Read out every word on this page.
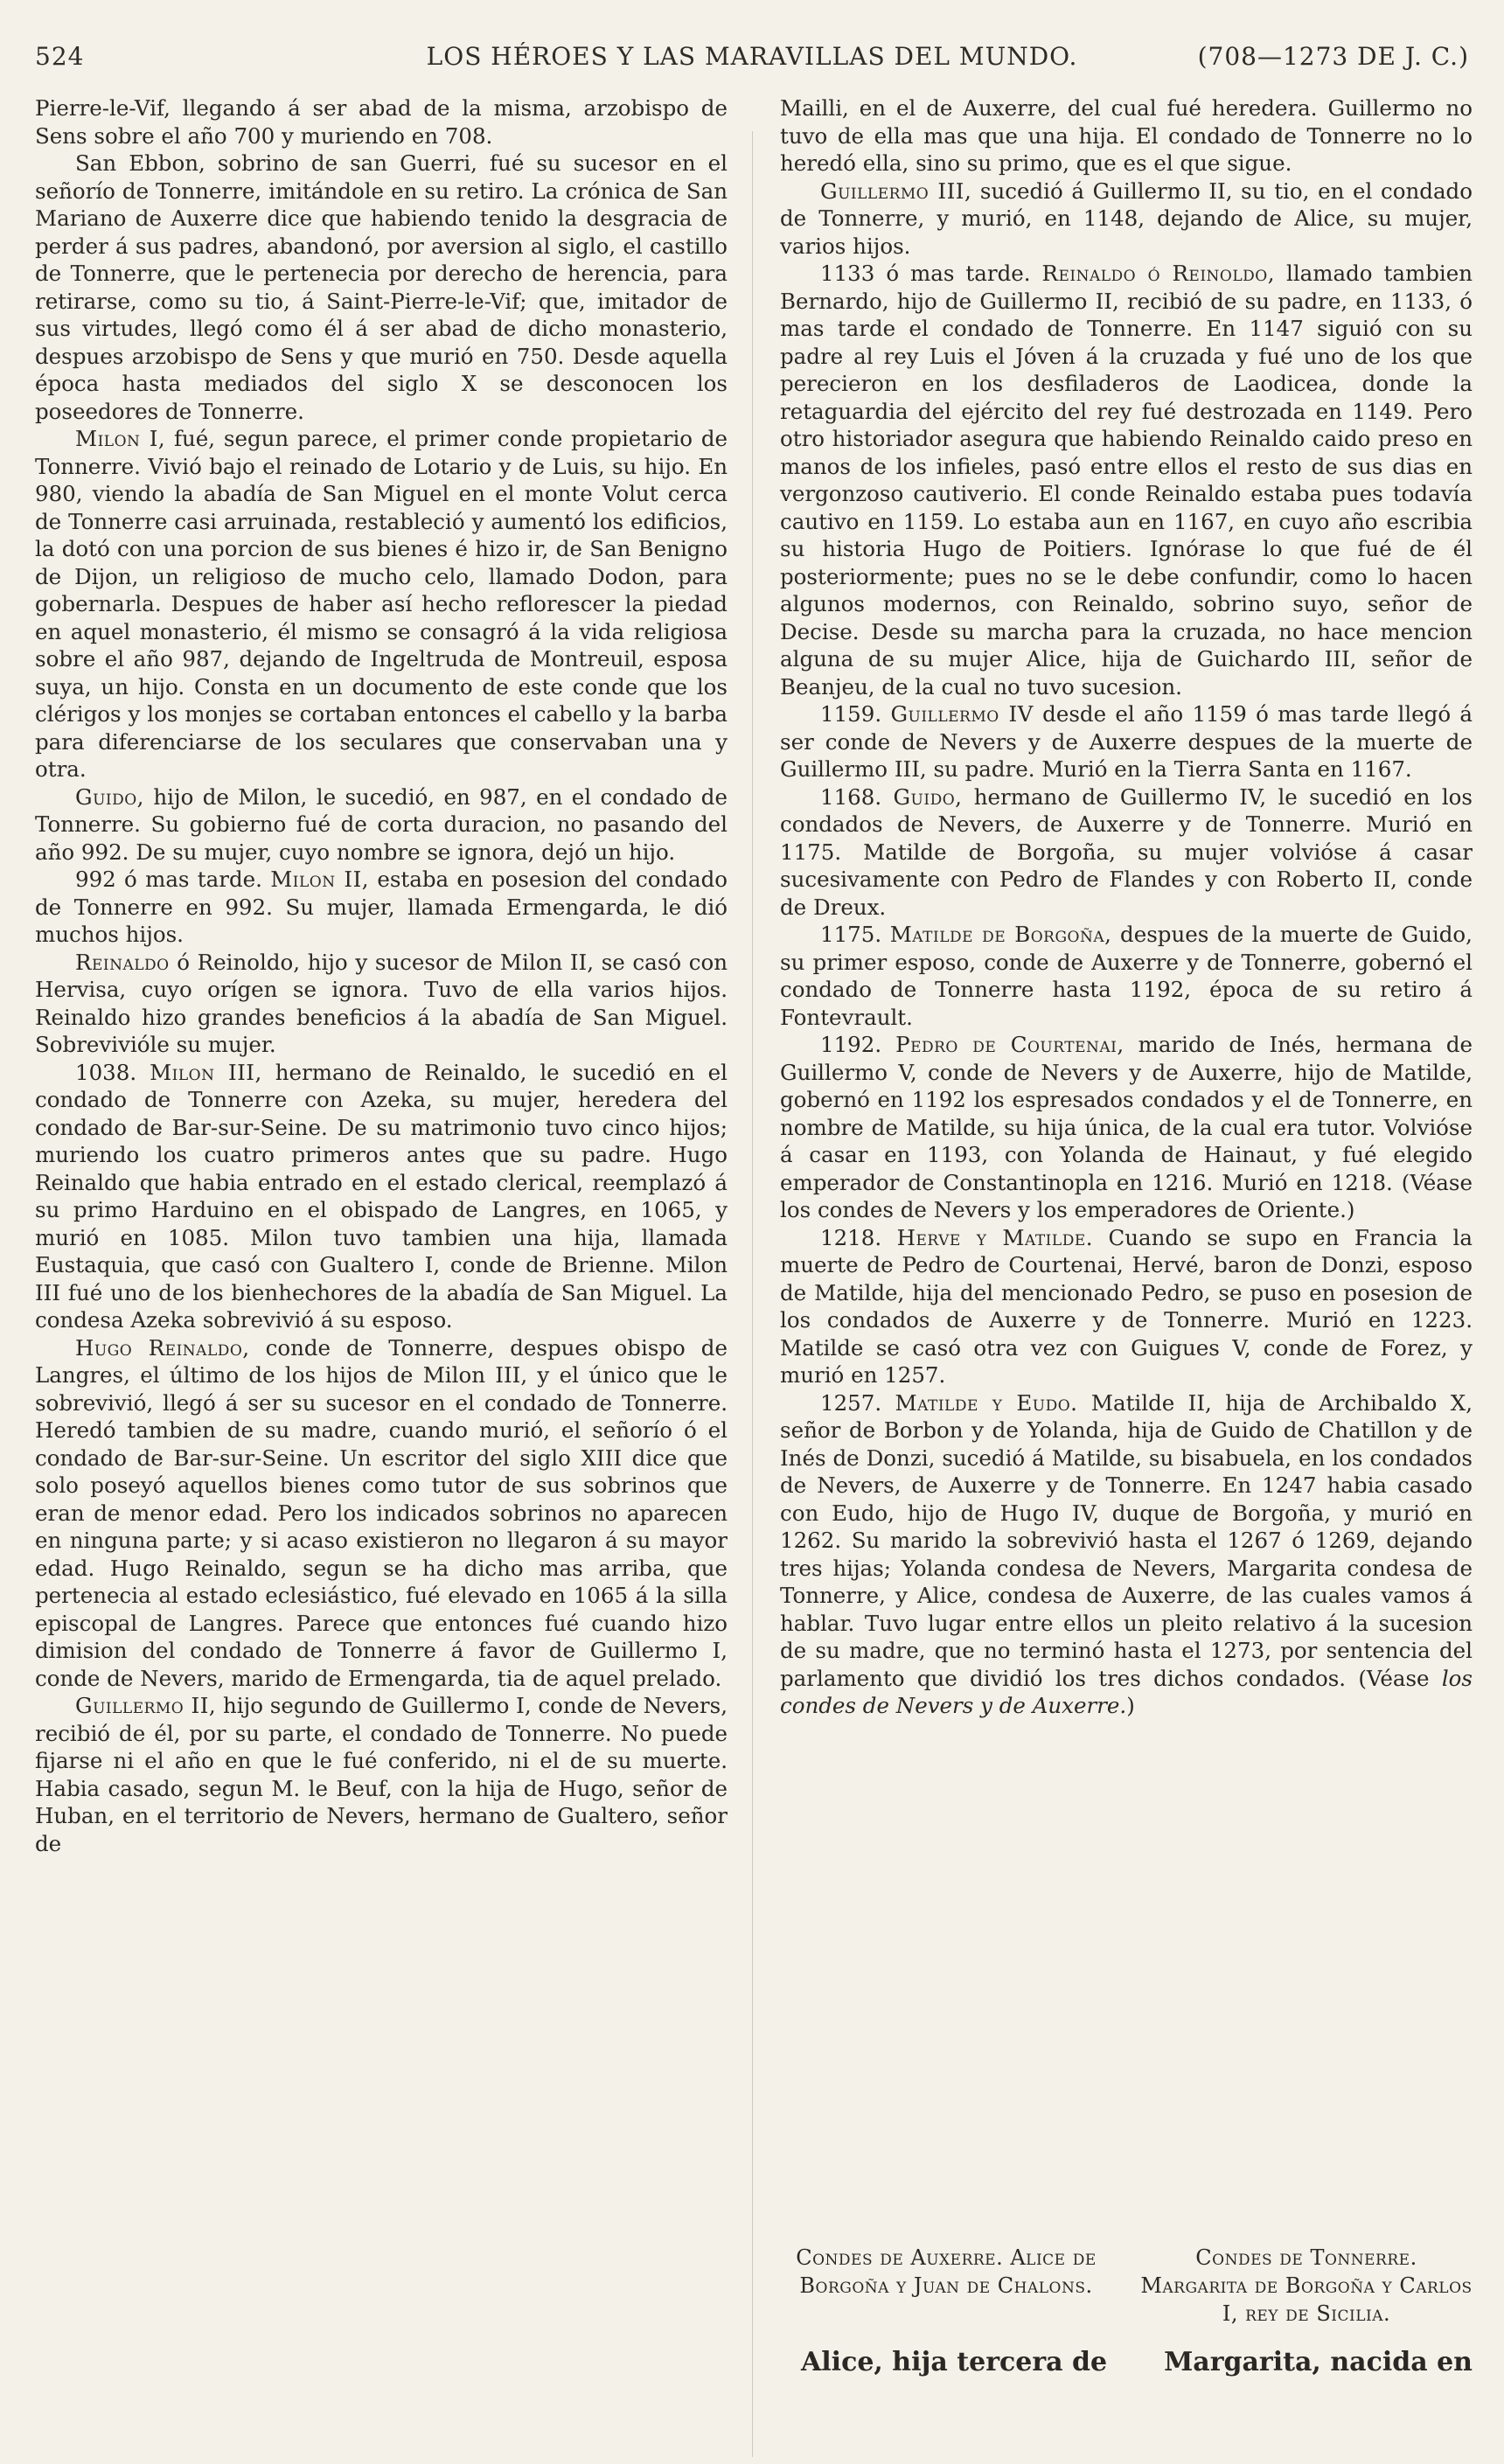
524	LOS HÉROES Y LAS MARAVILLAS DEL MUNDO.	(708—1273 DE J. C.)

Pierre-le-Vif, llegando á ser abad de la misma, arzobispo de Sens sobre el año 700 y muriendo en 708.

San Ebbon, sobrino de san Guerri, fué su sucesor en el señorío de Tonnerre, imitándole en su retiro. La crónica de San Mariano de Auxerre dice que habiendo tenido la desgracia de perder á sus padres, abandonó, por aversion al siglo, el castillo de Tonnerre, que le pertenecia por derecho de herencia, para retirarse, como su tio, á Saint-Pierre-le-Vif; que, imitador de sus virtudes, llegó como él á ser abad de dicho monasterio, despues arzobispo de Sens y que murió en 750. Desde aquella época hasta mediados del siglo X se desconocen los poseedores de Tonnerre.

Milon I, fué, segun parece, el primer conde propietario de Tonnerre. Vivió bajo el reinado de Lotario y de Luis, su hijo. En 980, viendo la abadía de San Miguel en el monte Volut cerca de Tonnerre casi arruinada, restableció y aumentó los edificios, la dotó con una porcion de sus bienes é hizo ir, de San Benigno de Dijon, un religioso de mucho celo, llamado Dodon, para gobernarla. Despues de haber así hecho reflorescer la piedad en aquel monasterio, él mismo se consagró á la vida religiosa sobre el año 987, dejando de Ingeltruda de Montreuil, esposa suya, un hijo. Consta en un documento de este conde que los clérigos y los monjes se cortaban entonces el cabello y la barba para diferenciarse de los seculares que conservaban una y otra.

Guido, hijo de Milon, le sucedió, en 987, en el condado de Tonnerre. Su gobierno fué de corta duracion, no pasando del año 992. De su mujer, cuyo nombre se ignora, dejó un hijo.

992 ó mas tarde. Milon II, estaba en posesion del condado de Tonnerre en 992. Su mujer, llamada Ermengarda, le dió muchos hijos.

Reinaldo ó Reinoldo, hijo y sucesor de Milon II, se casó con Hervisa, cuyo orígen se ignora. Tuvo de ella varios hijos. Reinaldo hizo grandes beneficios á la abadía de San Miguel. Sobrevivióle su mujer.

1038. Milon III, hermano de Reinaldo, le sucedió en el condado de Tonnerre con Azeka, su mujer, heredera del condado de Bar-sur-Seine. De su matrimonio tuvo cinco hijos; muriendo los cuatro primeros antes que su padre. Hugo Reinaldo que habia entrado en el estado clerical, reemplazó á su primo Harduino en el obispado de Langres, en 1065, y murió en 1085. Milon tuvo tambien una hija, llamada Eustaquia, que casó con Gualtero I, conde de Brienne. Milon III fué uno de los bienhechores de la abadía de San Miguel. La condesa Azeka sobrevivió á su esposo.

Hugo Reinaldo, conde de Tonnerre, despues obispo de Langres, el último de los hijos de Milon III, y el único que le sobrevivió, llegó á ser su sucesor en el condado de Tonnerre. Heredó tambien de su madre, cuando murió, el señorío ó el condado de Bar-sur-Seine. Un escritor del siglo XIII dice que solo poseyó aquellos bienes como tutor de sus sobrinos que eran de menor edad. Pero los indicados sobrinos no aparecen en ninguna parte; y si acaso existieron no llegaron á su mayor edad. Hugo Reinaldo, segun se ha dicho mas arriba, que pertenecia al estado eclesiástico, fué elevado en 1065 á la silla episcopal de Langres. Parece que entonces fué cuando hizo dimision del condado de Tonnerre á favor de Guillermo I, conde de Nevers, marido de Ermengarda, tia de aquel prelado.

Guillermo II, hijo segundo de Guillermo I, conde de Nevers, recibió de él, por su parte, el condado de Tonnerre. No puede fijarse ni el año en que le fué conferido, ni el de su muerte. Habia casado, segun M. le Beuf, con la hija de Hugo, señor de Huban, en el territorio de Nevers, hermano de Gualtero, señor de

Mailli, en el de Auxerre, del cual fué heredera. Guillermo no tuvo de ella mas que una hija. El condado de Tonnerre no lo heredó ella, sino su primo, que es el que sigue.

Guillermo III, sucedió á Guillermo II, su tio, en el condado de Tonnerre, y murió, en 1148, dejando de Alice, su mujer, varios hijos.

1133 ó mas tarde. Reinaldo ó Reinoldo, llamado tambien Bernardo, hijo de Guillermo II, recibió de su padre, en 1133, ó mas tarde el condado de Tonnerre. En 1147 siguió con su padre al rey Luis el Jóven á la cruzada y fué uno de los que perecieron en los desfiladeros de Laodicea, donde la retaguardia del ejército del rey fué destrozada en 1149. Pero otro historiador asegura que habiendo Reinaldo caido preso en manos de los infieles, pasó entre ellos el resto de sus dias en vergonzoso cautiverio. El conde Reinaldo estaba pues todavía cautivo en 1159. Lo estaba aun en 1167, en cuyo año escribia su historia Hugo de Poitiers. Ignórase lo que fué de él posteriormente; pues no se le debe confundir, como lo hacen algunos modernos, con Reinaldo, sobrino suyo, señor de Decise. Desde su marcha para la cruzada, no hace mencion alguna de su mujer Alice, hija de Guichardo III, señor de Beanjeu, de la cual no tuvo sucesion.

1159. Guillermo IV desde el año 1159 ó mas tarde llegó á ser conde de Nevers y de Auxerre despues de la muerte de Guillermo III, su padre. Murió en la Tierra Santa en 1167.

1168. Guido, hermano de Guillermo IV, le sucedió en los condados de Nevers, de Auxerre y de Tonnerre. Murió en 1175. Matilde de Borgoña, su mujer volvióse á casar sucesivamente con Pedro de Flandes y con Roberto II, conde de Dreux.

1175. Matilde de Borgoña, despues de la muerte de Guido, su primer esposo, conde de Auxerre y de Tonnerre, gobernó el condado de Tonnerre hasta 1192, época de su retiro á Fontevrault.

1192. Pedro de Courtenai, marido de Inés, hermana de Guillermo V, conde de Nevers y de Auxerre, hijo de Matilde, gobernó en 1192 los espresados condados y el de Tonnerre, en nombre de Matilde, su hija única, de la cual era tutor. Volvióse á casar en 1193, con Yolanda de Hainaut, y fué elegido emperador de Constantinopla en 1216. Murió en 1218. (Véase los condes de Nevers y los emperadores de Oriente.)

1218. Herve y Matilde. Cuando se supo en Francia la muerte de Pedro de Courtenai, Hervé, baron de Donzi, esposo de Matilde, hija del mencionado Pedro, se puso en posesion de los condados de Auxerre y de Tonnerre. Murió en 1223. Matilde se casó otra vez con Guigues V, conde de Forez, y murió en 1257.

1257. Matilde y Eudo. Matilde II, hija de Archibaldo X, señor de Borbon y de Yolanda, hija de Guido de Chatillon y de Inés de Donzi, sucedió á Matilde, su bisabuela, en los condados de Nevers, de Auxerre y de Tonnerre. En 1247 habia casado con Eudo, hijo de Hugo IV, duque de Borgoña, y murió en 1262. Su marido la sobrevivió hasta el 1267 ó 1269, dejando tres hijas; Yolanda condesa de Nevers, Margarita condesa de Tonnerre, y Alice, condesa de Auxerre, de las cuales vamos á hablar. Tuvo lugar entre ellos un pleito relativo á la sucesion de su madre, que no terminó hasta el 1273, por sentencia del parlamento que dividió los tres dichos condados. (Véase los condes de Nevers y de Auxerre.)

Condes de Auxerre. Alice de Borgoña y Juan de Chalons.
Condes de Tonnerre. Margarita de Borgoña y Carlos I, rey de Sicilia.
Alice, hija tercera de Margarita, nacida en
